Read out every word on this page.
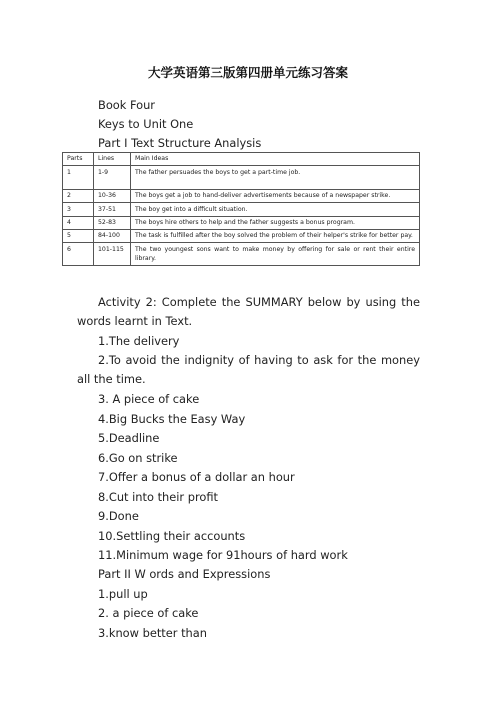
大学英语第三版第四册单元练习答案
Book Four
Keys to Unit One
Part I Text Structure Analysis
Parts	Lines	Main Ideas
1	1-9	The father persuades the boys to get a part-time job.
2	10-36	The boys get a job to hand-deliver advertisements because of a newspaper strike.
3	37-51	The boy get into a difficult situation.
4	52-83	The boys hire others to help and the father suggests a bonus program.
5	84-100	The task is fulfilled after the boy solved the problem of their helper's strike for better pay.
6	101-115	The two youngest sons want to make money by offering for sale or rent their entire library.
Activity 2: Complete the SUMMARY below by using the words learnt in Text.
1.The delivery
2.To avoid the indignity of having to ask for the money all the time.
3. A piece of cake
4.Big Bucks the Easy Way
5.Deadline
6.Go on strike
7.Offer a bonus of a dollar an hour
8.Cut into their profit
9.Done
10.Settling their accounts
11.Minimum wage for 91hours of hard work
Part II W ords and Expressions
1.pull up
2. a piece of cake
3.know better than
